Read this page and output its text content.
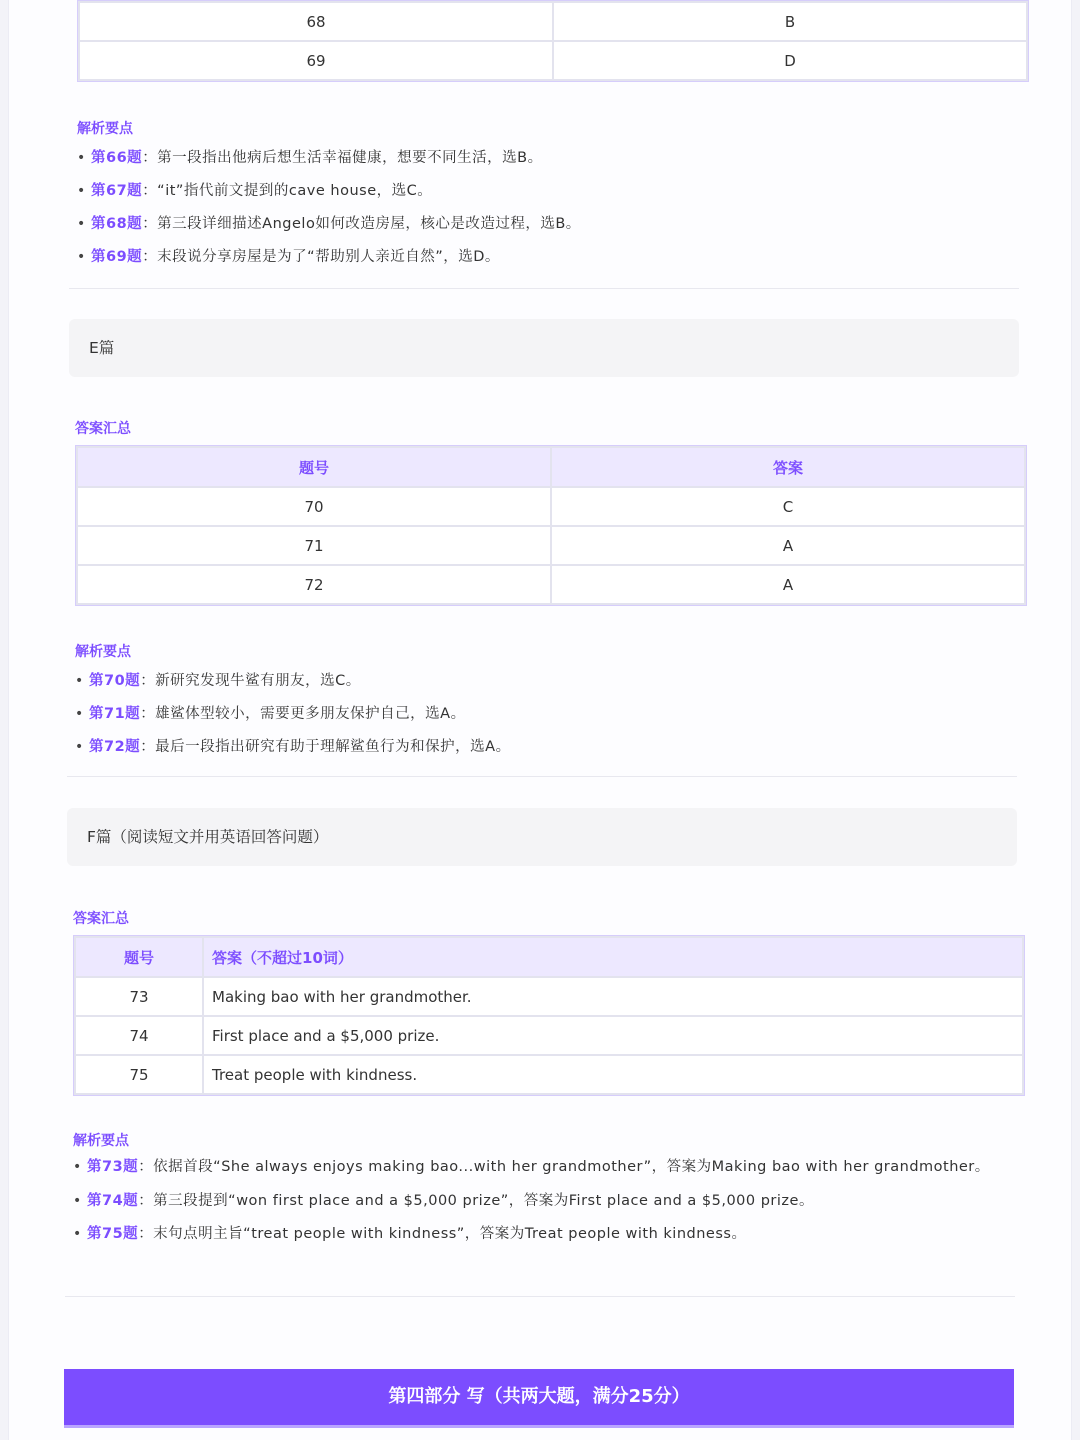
68	B
69	D
解析要点
• 第66题：第一段指出他病后想生活幸福健康，想要不同生活，选B。
• 第67题：“it”指代前文提到的cave house，选C。
• 第68题：第三段详细描述Angelo如何改造房屋，核心是改造过程，选B。
• 第69题：末段说分享房屋是为了“帮助别人亲近自然”，选D。
E篇
答案汇总
题号	答案
70	C
71	A
72	A
解析要点
• 第70题：新研究发现牛鲨有朋友，选C。
• 第71题：雄鲨体型较小，需要更多朋友保护自己，选A。
• 第72题：最后一段指出研究有助于理解鲨鱼行为和保护，选A。
F篇（阅读短文并用英语回答问题）
答案汇总
题号	答案（不超过10词）
73	Making bao with her grandmother.
74	First place and a $5,000 prize.
75	Treat people with kindness.
解析要点
• 第73题：依据首段“She always enjoys making bao...with her grandmother”，答案为Making bao with her grandmother。
• 第74题：第三段提到“won first place and a $5,000 prize”，答案为First place and a $5,000 prize。
• 第75题：末句点明主旨“treat people with kindness”，答案为Treat people with kindness。
第四部分 写（共两大题，满分25分）
